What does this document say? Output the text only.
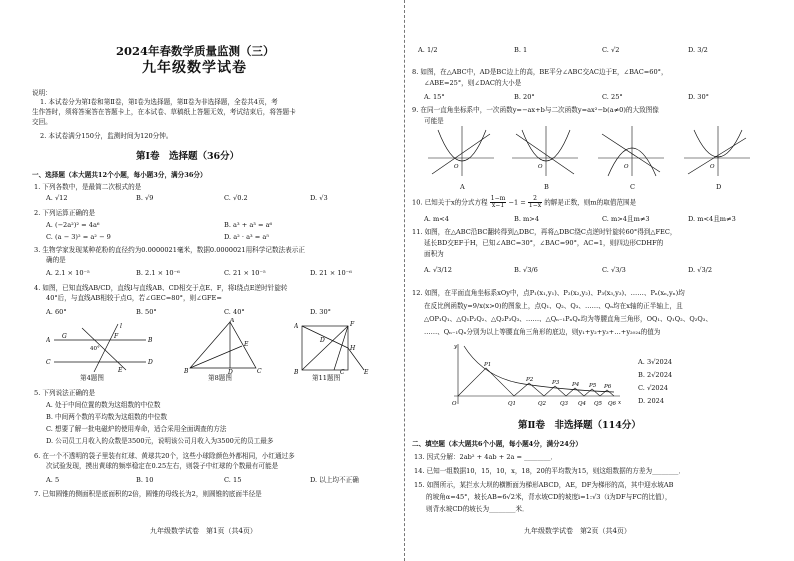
2024年春数学质量监测（三）
九年级数学试卷
说明：
1. 本试卷分为第Ⅰ卷和第Ⅱ卷，第Ⅰ卷为选择题，第Ⅱ卷为非选择题，全卷共4页，考
生作答时，须将答案答在答题卡上，在本试卷、草稿纸上答题无效，考试结束后，将答题卡
交回。
2. 本试卷满分150分，监测时间为120分钟。
第Ⅰ卷　选择题（36分）
一、选择题（本大题共12个小题，每小题3分，满分36分）
1. 下列各数中，是最简二次根式的是
A. √12	B. √9	C. √0.2	D. √3
2. 下列运算正确的是
A. (−2a²)² = 4a⁶	B. a³ + a³ = a⁶
C. (a − 3)² = a² − 9	D. a² · a³ = a⁵
3. 生物学家发现某种花粉的直径约为0.0000021毫米，数据0.0000021用科学记数法表示正
确的是
A. 2.1 × 10⁻⁵	B. 2.1 × 10⁻⁶	C. 21 × 10⁻⁵	D. 21 × 10⁻⁶
4. 如图，已知直线AB/CD，直线l与直线AB、CD相交于点E、F，将l绕点E逆时针旋转
40°后，与直线AB相较于点G，若∠GEC=80°，则∠GFE=
A. 60°	B. 50°	C. 40°	D. 30°
A	B
C	D
G
l
F
40°
E
第4题图
A
B	D	C
E
第8题图
A	F
H
B	C	E
D
第11题图
5. 下列说法正确的是
A. 处于中间位置的数为这组数的中位数
B. 中间两个数的平均数为这组数的中位数
C. 想要了解一批电磁炉的使用寿命，适合采用全面调查的方法
D. 公司员工月收入的众数是3500元，说明该公司月收入为3500元的员工最多
6. 在一个不透明的袋子里装有红球、黄球共20个，这些小球除颜色外都相同，小红通过多
次试验发现，摸出黄球的频率稳定在0.25左右，则袋子中红球的个数最有可能是
A. 5	B. 10	C. 15	D. 以上均不正确
7. 已知圆锥的侧面积是底面积的2倍，圆锥的母线长为2，则圆锥的底面半径是
九年级数学试卷　第1页（共4页）
A. 1/2	B. 1	C. √2	D. 3/2
8. 如图，在△ABC中，AD是BC边上的高，BE平分∠ABC交AC边于E，∠BAC=60°，
∠ABE=25°，则∠DAC的大小是
A. 15°	B. 20°	C. 25°	D. 30°
9. 在同一直角坐标系中，一次函数y=−ax+b与二次函数y=ax²−b(a≠0)的大致图像
可能是
O	O	O	O
A	B	C	D
10. 已知关于x的分式方程 $\frac{1-m}{x-1} -1 = \frac{2}{1-x}$ 的解是正数，则m的取值范围是
A. m<4	B. m>4	C. m>4且m≠3	D. m<4且m≠3
11. 如图，在△ABC沿BC翻转得到△DBC，再将△DBC绕C点逆时针旋转60°得到△FEC，
延长BD交EF于H，已知∠ABC=30°，∠BAC=90°，AC=1，则四边形CDHF的
面积为
A. √3/12	B. √3/6	C. √3/3	D. √3/2
12. 如图，在平面直角坐标系xOy中，点P₁(x₁,y₁)、P₂(x₂,y₂)、P₃(x₃,y₃)、……、Pₙ(xₙ,yₙ)均
在反比例函数y=9/x(x>0)的图象上，点Q₁、Q₂、Q₃、……、Qₙ均在x轴的正半轴上，且
△OP₁Q₁、△Q₁P₂Q₂、△Q₂P₃Q₃、……、△Qₙ₋₁PₙQₙ均为等腰直角三角形，OQ₁、Q₁Q₂、Q₂Q₃、
……、Qₙ₋₁Qₙ分别为以上等腰直角三角形的底边，则y₁+y₂+y₃+…+y₂₀₂₄的值为
y
P1
P2	P3 P4 P5 P6
O	Q1	Q2	Q3 Q4 Q5 Q6 x
A. 3√2024
B. 2√2024
C. √2024
D. 2024
第Ⅱ卷　非选择题（114分）
二、填空题（本大题共6个小题，每小题4分，满分24分）
13. 因式分解：2ab² + 4ab + 2a = ________．
14. 已知一组数据10，15，10，x，18，20的平均数为15，则这组数据的方差为________．
15. 如图所示，某拦水大坝的横断面为梯形ABCD，AE，DF为梯形的高，其中迎水坡AB
的坡角α=45°，坡长AB=6√2米，背水坡CD的坡度i=1:√3（i为DF与FC的比值），
则背水坡CD的坡长为________米．
九年级数学试卷　第2页（共4页）
